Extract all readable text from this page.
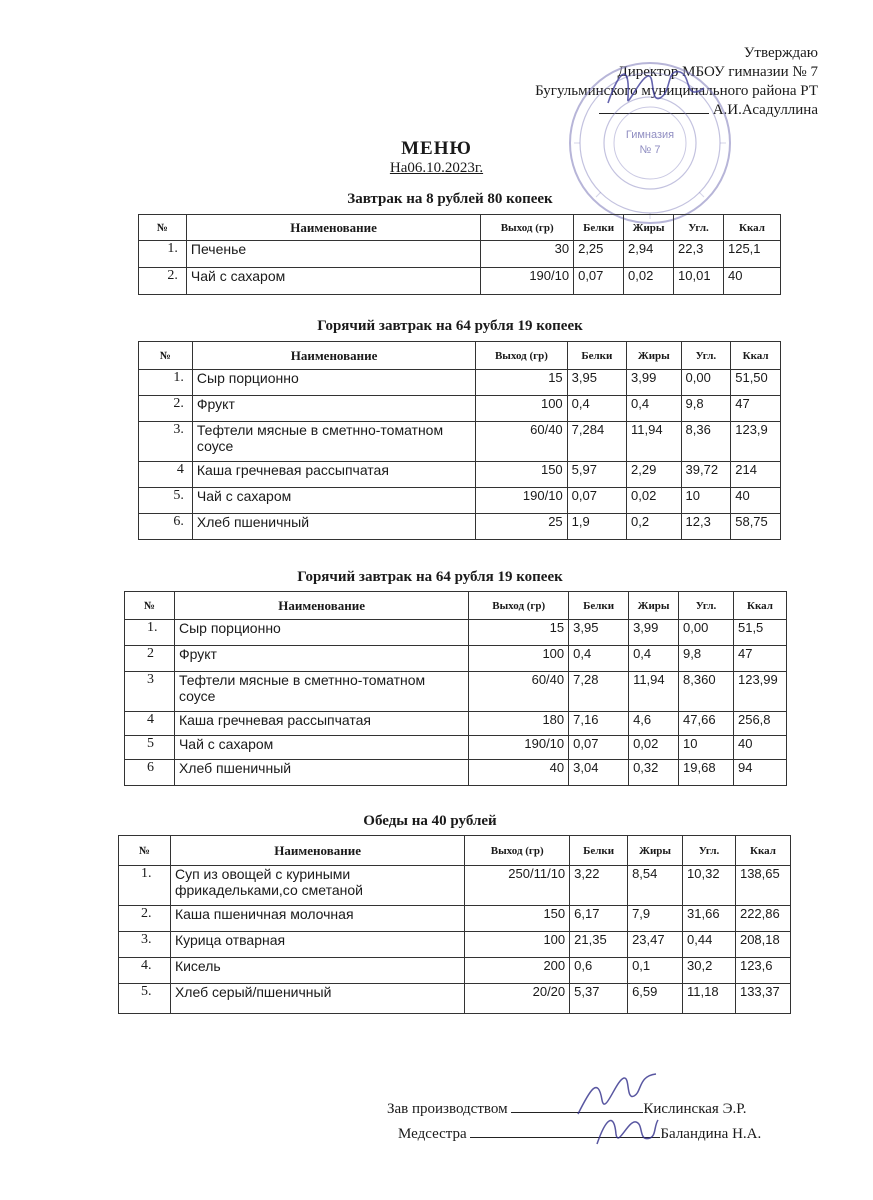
Утверждаю
Директор МБОУ гимназии № 7
Бугульминского муниципального района РТ
А.И.Асадуллина
Гимназия
№ 7
МЕНЮ
На06.10.2023г.
Завтрак на 8 рублей 80 копеек
№	Наименование	Выход (гр)	Белки	Жиры	Угл.	Ккал
1.	Печенье	30	2,25	2,94	22,3	125,1
2.	Чай с сахаром	190/10	0,07	0,02	10,01	40
Горячий завтрак на 64 рубля 19 копеек
№	Наименование	Выход (гр)	Белки	Жиры	Угл.	Ккал
1.	Сыр порционно	15	3,95	3,99	0,00	51,50
2.	Фрукт	100	0,4	0,4	9,8	47
3.	Тефтели мясные в сметнно-томатном соусе	60/40	7,284	11,94	8,36	123,9
4	Каша гречневая рассыпчатая	150	5,97	2,29	39,72	214
5.	Чай с сахаром	190/10	0,07	0,02	10	40
6.	Хлеб пшеничный	25	1,9	0,2	12,3	58,75
Горячий завтрак на 64 рубля 19 копеек
№	Наименование	Выход (гр)	Белки	Жиры	Угл.	Ккал
1.	Сыр порционно	15	3,95	3,99	0,00	51,5
2	Фрукт	100	0,4	0,4	9,8	47
3	Тефтели мясные в сметнно-томатном соусе	60/40	7,28	11,94	8,360	123,99
4	Каша гречневая рассыпчатая	180	7,16	4,6	47,66	256,8
5	Чай с сахаром	190/10	0,07	0,02	10	40
6	Хлеб пшеничный	40	3,04	0,32	19,68	94
Обеды на 40 рублей
№	Наименование	Выход (гр)	Белки	Жиры	Угл.	Ккал
1.	Суп из овощей с куриными фрикадельками,со сметаной	250/11/10	3,22	8,54	10,32	138,65
2.	Каша пшеничная молочная	150	6,17	7,9	31,66	222,86
3.	Курица отварная	100	21,35	23,47	0,44	208,18
4.	Кисель	200	0,6	0,1	30,2	123,6
5.	Хлеб серый/пшеничный	20/20	5,37	6,59	11,18	133,37
Зав производством	Кислинская Э.Р.
Медсестра	Баландина Н.А.
